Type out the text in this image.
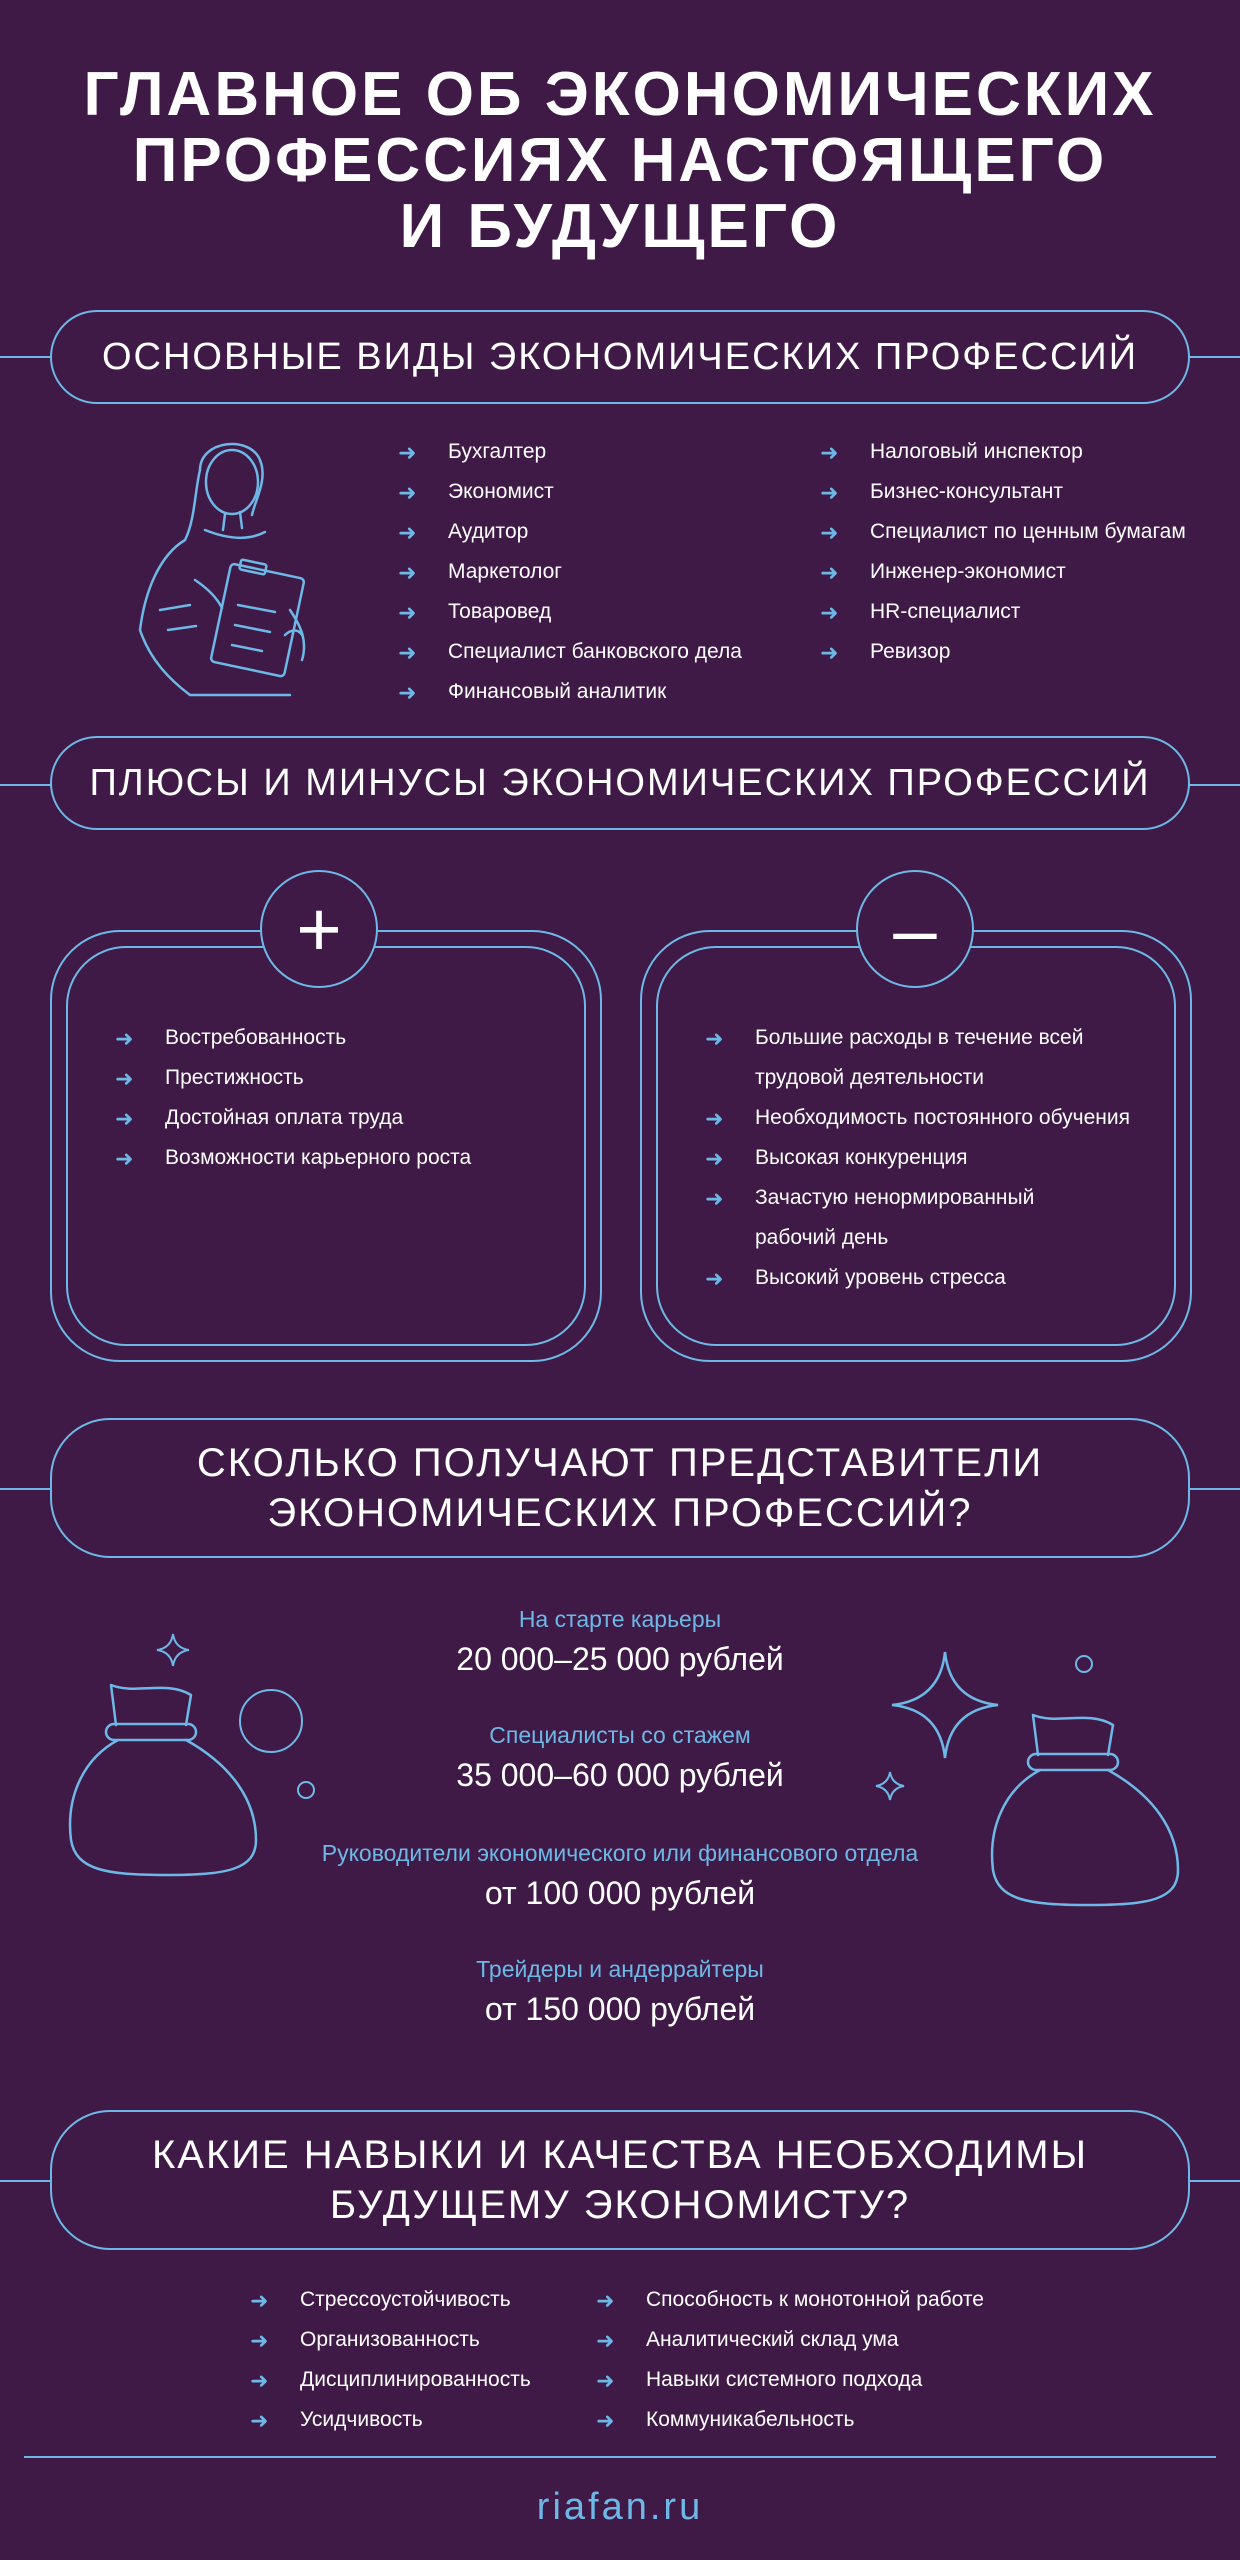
ГЛАВНОЕ ОБ ЭКОНОМИЧЕСКИХ
ПРОФЕССИЯХ НАСТОЯЩЕГО
И БУДУЩЕГО
ОСНОВНЫЕ ВИДЫ ЭКОНОМИЧЕСКИХ ПРОФЕССИЙ
➜ Бухгалтер
➜ Экономист
➜ Аудитор
➜ Маркетолог
➜ Товаровед
➜ Специалист банковского дела
➜ Финансовый аналитик
➜ Налоговый инспектор
➜ Бизнес-консультант
➜ Специалист по ценным бумагам
➜ Инженер-экономист
➜ HR-специалист
➜ Ревизор
ПЛЮСЫ И МИНУСЫ ЭКОНОМИЧЕСКИХ ПРОФЕССИЙ
+	–
➜ Востребованность
➜ Престижность
➜ Достойная оплата труда
➜ Возможности карьерного роста
➜ Большие расходы в течение всей
трудовой деятельности
➜ Необходимость постоянного обучения
➜ Высокая конкуренция
➜ Зачастую ненормированный
рабочий день
➜ Высокий уровень стресса
СКОЛЬКО ПОЛУЧАЮТ ПРЕДСТАВИТЕЛИ
ЭКОНОМИЧЕСКИХ ПРОФЕССИЙ?
На старте карьеры
20 000–25 000 рублей
Специалисты со стажем
35 000–60 000 рублей
Руководители экономического или финансового отдела
от 100 000 рублей
Трейдеры и андеррайтеры
от 150 000 рублей
КАКИЕ НАВЫКИ И КАЧЕСТВА НЕОБХОДИМЫ
БУДУЩЕМУ ЭКОНОМИСТУ?
➜ Стрессоустойчивость
➜ Организованность
➜ Дисциплинированность
➜ Усидчивость
➜ Способность к монотонной работе
➜ Аналитический склад ума
➜ Навыки системного подхода
➜ Коммуникабельность
riafan.ru
